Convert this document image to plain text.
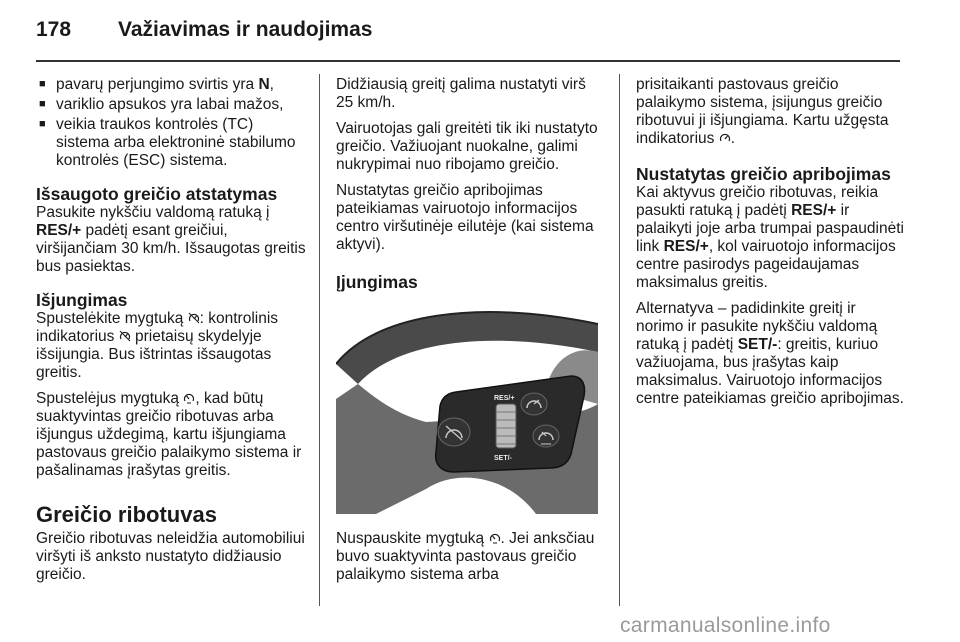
178 Važiavimas ir naudojimas
■ pavarų perjungimo svirtis yra N,
■ variklio apsukos yra labai mažos,
■ veikia traukos kontrolės (TC) sistema arba elektroninė stabilumo kontrolės (ESC) sistema.
Išsaugoto greičio atstatymas

Pasukite nykščiu valdomą ratuką į
RES/+ padėtį esant greičiui, viršijančiam 30 km/h. Išsaugotas greitis bus pasiektas.

Išjungimas

Spustelėkite mygtuką
: kontrolinis indikatorius
prietaisų skydelyje išsijungia. Bus ištrintas išsaugotas greitis.

Spustelėjus mygtuką
, kad būtų suaktyvintas greičio ribotuvas arba išjungus uždegimą, kartu išjungiama pastovaus greičio palaikymo sistema ir pašalinamas įrašytas greitis.

Greičio ribotuvas

Greičio ribotuvas neleidžia automobiliui viršyti iš anksto nustatyto didžiausio greičio.

Didžiausią greitį galima nustatyti virš 25 km/h.

Vairuotojas gali greitėti tik iki nustatyto greičio. Važiuojant nuokalne, galimi nukrypimai nuo ribojamo greičio.

Nustatytas greičio apribojimas pateikiamas vairuotojo informacijos centro viršutinėje eilutėje (kai sistema aktyvi).

Įjungimas
RES/+
SET/-

Nuspauskite mygtuką
. Jei anksčiau buvo suaktyvinta pastovaus greičio palaikymo sistema arba

prisitaikanti pastovaus greičio palaikymo sistema, įsijungus greičio ribotuvui ji išjungiama. Kartu užgęsta indikatorius
.

Nustatytas greičio apribojimas

Kai aktyvus greičio ribotuvas, reikia pasukti ratuką į padėtį RES/+ ir palaikyti joje arba trumpai paspaudinėti link RES/+, kol vairuotojo informacijos centre pasirodys pageidaujamas maksimalus greitis.

Alternatyva – padidinkite greitį ir norimo ir pasukite nykščiu valdomą ratuką į padėtį SET/-: greitis, kuriuo važiuojama, bus įrašytas kaip maksimalus. Vairuotojo informacijos centre pateikiamas greičio apribojimas.

carmanualsonline.info
